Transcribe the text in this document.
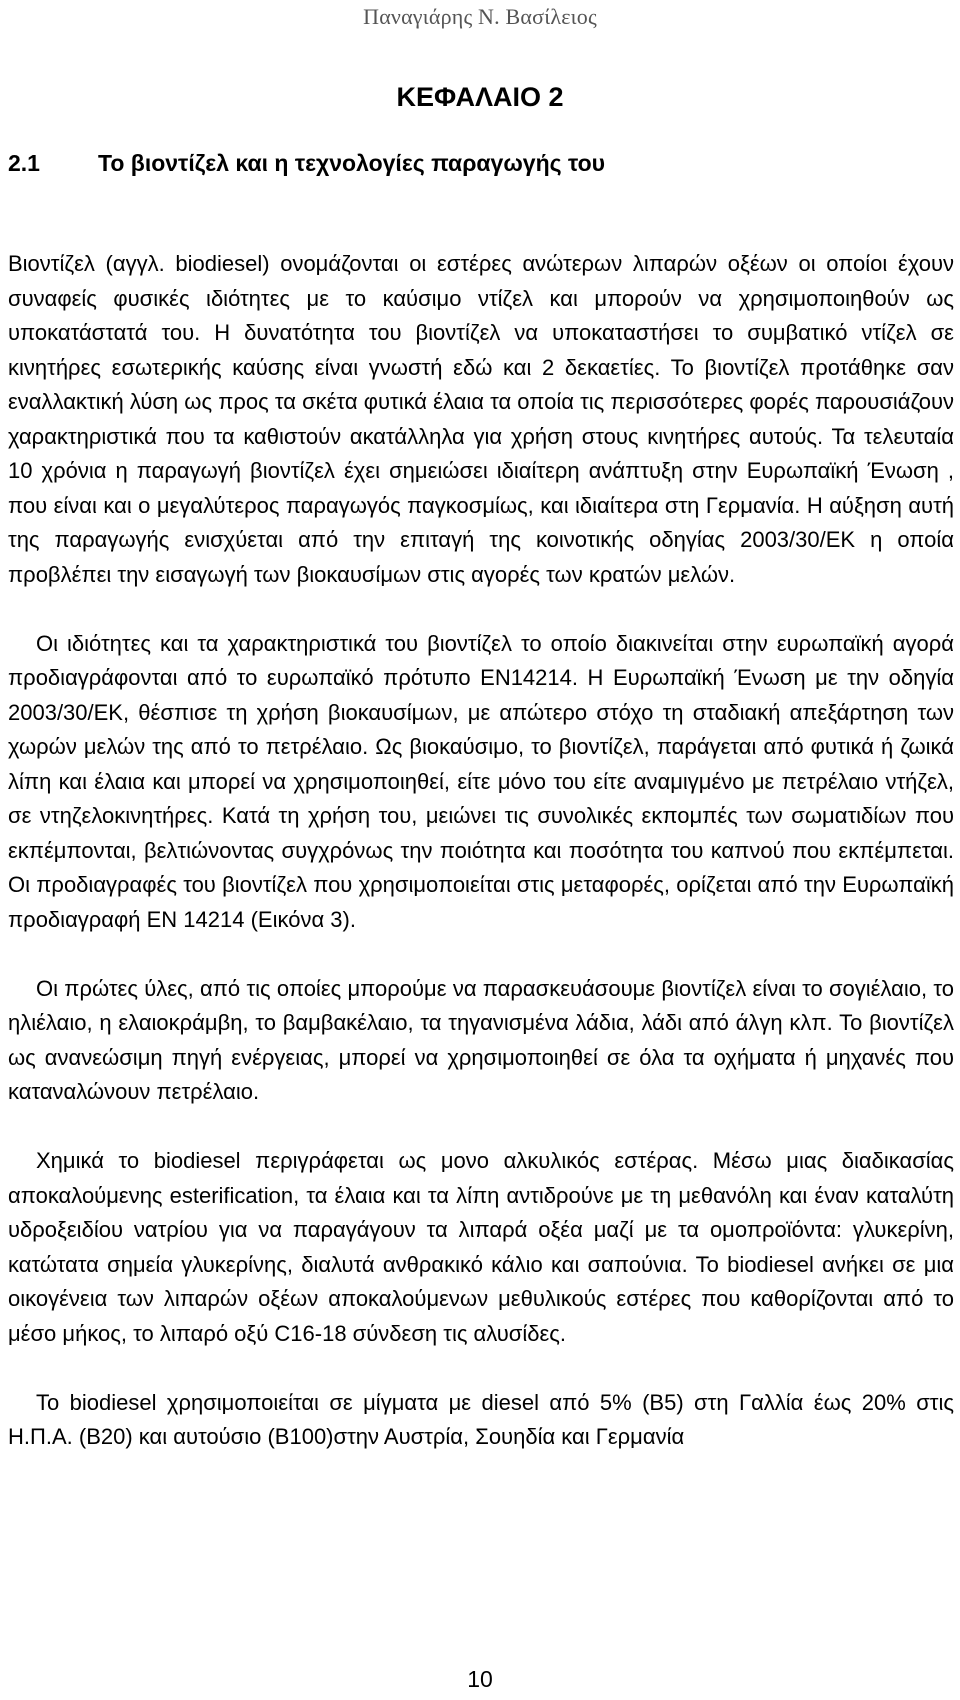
Παναγιάρης Ν. Βασίλειος
ΚΕΦΑΛΑΙΟ 2
2.1	Το βιοντίζελ και η τεχνολογίες παραγωγής του

Βιοντίζελ (αγγλ. biodiesel) ονομάζονται οι εστέρες ανώτερων λιπαρών οξέων οι οποίοι έχουν συναφείς φυσικές ιδιότητες με το καύσιμο ντίζελ και μπορούν να χρησιμοποιηθούν ως υποκατάστατά του. Η δυνατότητα του βιοντίζελ να υποκαταστήσει το συμβατικό ντίζελ σε κινητήρες εσωτερικής καύσης είναι γνωστή εδώ και 2 δεκαετίες. Το βιοντίζελ προτάθηκε σαν εναλλακτική λύση ως προς τα σκέτα φυτικά έλαια τα οποία τις περισσότερες φορές παρουσιάζουν χαρακτηριστικά που τα καθιστούν ακατάλληλα για χρήση στους κινητήρες αυτούς. Τα τελευταία 10 χρόνια η παραγωγή βιοντίζελ έχει σημειώσει ιδιαίτερη ανάπτυξη στην Ευρωπαϊκή Ένωση , που είναι και ο μεγαλύτερος παραγωγός παγκοσμίως, και ιδιαίτερα στη Γερμανία. Η αύξηση αυτή της παραγωγής ενισχύεται από την επιταγή της κοινοτικής οδηγίας 2003/30/ΕΚ η οποία προβλέπει την εισαγωγή των βιοκαυσίμων στις αγορές των κρατών μελών.

Οι ιδιότητες και τα χαρακτηριστικά του βιοντίζελ το οποίο διακινείται στην ευρωπαϊκή αγορά προδιαγράφονται από το ευρωπαϊκό πρότυπο ΕΝ14214. Η Ευρωπαϊκή Ένωση με την οδηγία 2003/30/ΕΚ, θέσπισε τη χρήση βιοκαυσίμων, με απώτερο στόχο τη σταδιακή απεξάρτηση των χωρών μελών της από το πετρέλαιο. Ως βιοκαύσιμο, το βιοντίζελ, παράγεται από φυτικά ή ζωικά λίπη και έλαια και μπορεί να χρησιμοποιηθεί, είτε μόνο του είτε αναμιγμένο με πετρέλαιο ντήζελ, σε ντηζελοκινητήρες. Κατά τη χρήση του, μειώνει τις συνολικές εκπομπές των σωματιδίων που εκπέμπονται, βελτιώνοντας συγχρόνως την ποιότητα και ποσότητα του καπνού που εκπέμπεται. Οι προδιαγραφές του βιοντίζελ που χρησιμοποιείται στις μεταφορές, ορίζεται από την Ευρωπαϊκή προδιαγραφή ΕΝ 14214 (Εικόνα 3).

Οι πρώτες ύλες, από τις οποίες μπορούμε να παρασκευάσουμε βιοντίζελ είναι το σογιέλαιο, το ηλιέλαιο, η ελαιοκράμβη, το βαμβακέλαιο, τα τηγανισμένα λάδια, λάδι από άλγη κλπ. Το βιοντίζελ ως ανανεώσιμη πηγή ενέργειας, μπορεί να χρησιμοποιηθεί σε όλα τα οχήματα ή μηχανές που καταναλώνουν πετρέλαιο.

Χημικά το biodiesel περιγράφεται ως μονο αλκυλικός εστέρας. Μέσω μιας διαδικασίας αποκαλούμενης esterification, τα έλαια και τα λίπη αντιδρούνε με τη μεθανόλη και έναν καταλύτη υδροξειδίου νατρίου για να παραγάγουν τα λιπαρά οξέα μαζί με τα ομοπροϊόντα: γλυκερίνη, κατώτατα σημεία γλυκερίνης, διαλυτά ανθρακικό κάλιο και σαπούνια. Το biodiesel ανήκει σε μια οικογένεια των λιπαρών οξέων αποκαλούμενων μεθυλικούς εστέρες που καθορίζονται από το μέσο μήκος, το λιπαρό οξύ C16-18 σύνδεση τις αλυσίδες.

Το biodiesel χρησιμοποιείται σε μίγματα με diesel από 5% (B5) στη Γαλλία έως 20% στις Η.Π.Α. (B20) και αυτούσιο (B100)στην Αυστρία, Σουηδία και Γερμανία

10
